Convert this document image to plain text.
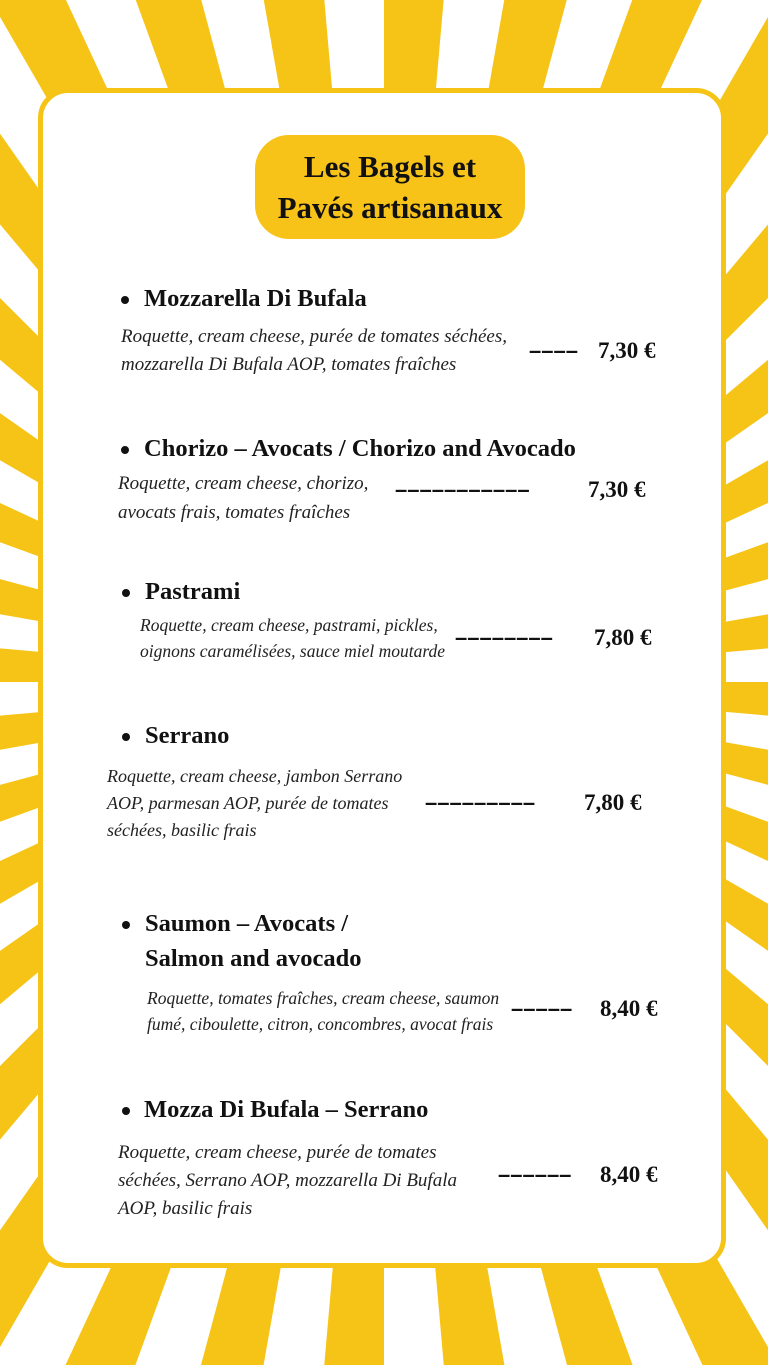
Les Bagels et
Pavés artisanaux
Mozzarella Di Bufala
Roquette, cream cheese, purée de tomates séchées,
mozzarella Di Bufala AOP, tomates fraîches
–––– 7,30 €
Chorizo – Avocats / Chorizo and Avocado
Roquette, cream cheese, chorizo,
avocats frais, tomates fraîches
–––––––––––	7,30 €
Pastrami
Roquette, cream cheese, pastrami, pickles,
oignons caramélisées, sauce miel moutarde
–––––––– 7,80 €
Serrano
Roquette, cream cheese, jambon Serrano
AOP, parmesan AOP, purée de tomates
séchées, basilic frais
––––––––– 7,80 €
Saumon – Avocats /
Salmon and avocado
Roquette, tomates fraîches, cream cheese, saumon
fumé, ciboulette, citron, concombres, avocat frais
––––– 8,40 €
Mozza Di Bufala – Serrano
Roquette, cream cheese, purée de tomates
séchées, Serrano AOP, mozzarella Di Bufala
AOP, basilic frais
–––––– 8,40 €
